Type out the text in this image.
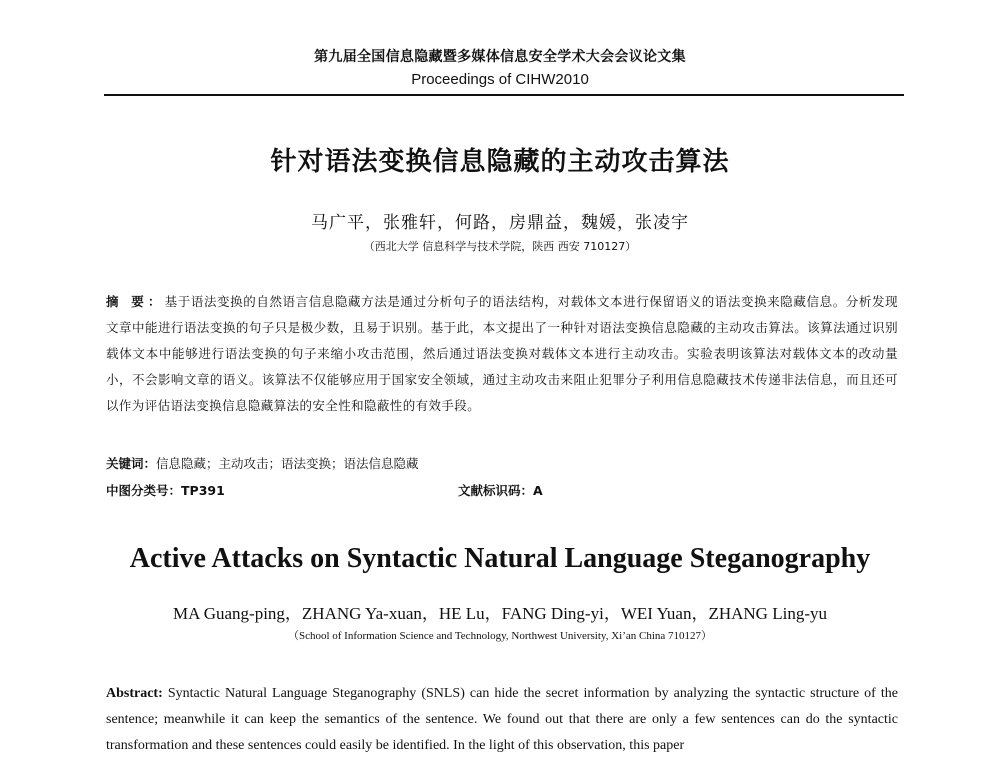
第九届全国信息隐藏暨多媒体信息安全学术大会会议论文集
Proceedings of CIHW2010
针对语法变换信息隐藏的主动攻击算法
马广平，张雅轩，何路，房鼎益，魏媛，张凌宇
（西北大学 信息科学与技术学院，陕西 西安 710127）
摘 要：基于语法变换的自然语言信息隐藏方法是通过分析句子的语法结构，对载体文本进行保留语义的语法变换来隐藏信息。分析发现文章中能进行语法变换的句子只是极少数，且易于识别。基于此，本文提出了一种针对语法变换信息隐藏的主动攻击算法。该算法通过识别载体文本中能够进行语法变换的句子来缩小攻击范围，然后通过语法变换对载体文本进行主动攻击。实验表明该算法对载体文本的改动量小，不会影响文章的语义。该算法不仅能够应用于国家安全领域，通过主动攻击来阻止犯罪分子利用信息隐藏技术传递非法信息，而且还可以作为评估语法变换信息隐藏算法的安全性和隐蔽性的有效手段。
关键词：信息隐藏；主动攻击；语法变换；语法信息隐藏
中图分类号：TP391	文献标识码：A
Active Attacks on Syntactic Natural Language Steganography
MA Guang-ping，ZHANG Ya-xuan，HE Lu，FANG Ding-yi，WEI Yuan，ZHANG Ling-yu
（School of Information Science and Technology, Northwest University, Xi’an China 710127）
Abstract: Syntactic Natural Language Steganography (SNLS) can hide the secret information by analyzing the syntactic structure of the sentence; meanwhile it can keep the semantics of the sentence. We found out that there are only a few sentences can do the syntactic transformation and these sentences could easily be identified. In the light of this observation, this paper
